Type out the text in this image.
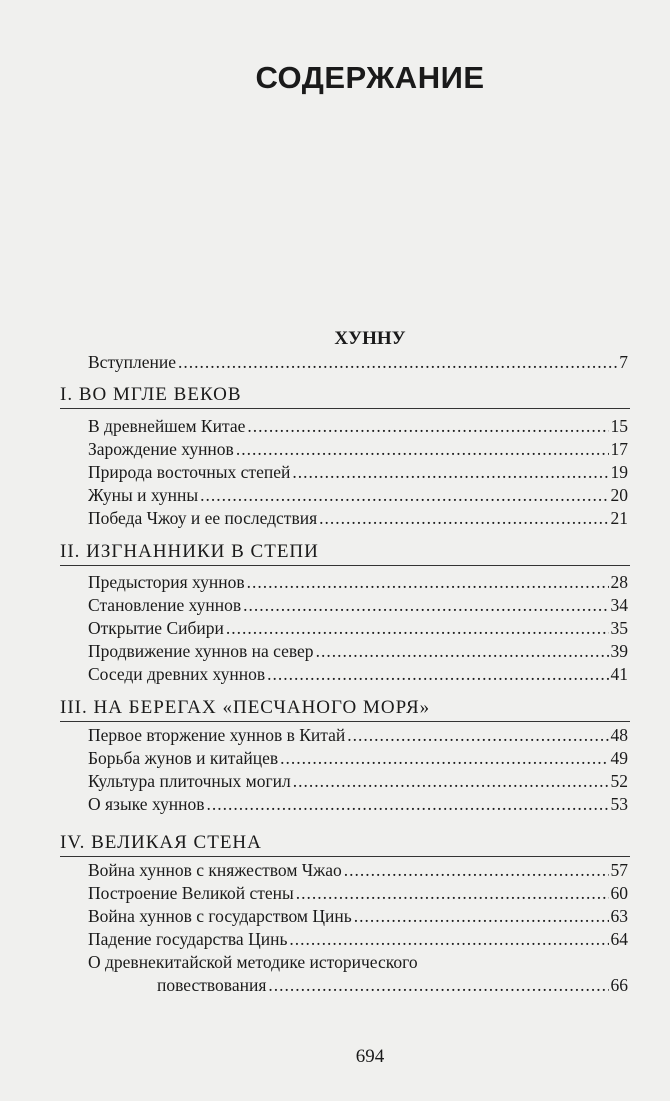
СОДЕРЖАНИЕ
ХУННУ
Вступление .....	7
I. ВО МГЛЕ ВЕКОВ
В древнейшем Китае .....	15
Зарождение хуннов .....	17
Природа восточных степей .....	19
Жуны и хунны .....	20
Победа Чжоу и ее последствия .....	21
II. ИЗГНАННИКИ В СТЕПИ
Предыстория хуннов .....	28
Становление хуннов .....	34
Открытие Сибири .....	35
Продвижение хуннов на север .....	39
Соседи древних хуннов .....	41
III. НА БЕРЕГАХ «ПЕСЧАНОГО МОРЯ»
Первое вторжение хуннов в Китай .....	48
Борьба жунов и китайцев .....	49
Культура плиточных могил .....	52
О языке хуннов .....	53
IV. ВЕЛИКАЯ СТЕНА
Война хуннов с княжеством Чжао .....	57
Построение Великой стены .....	60
Война хуннов с государством Цинь .....	63
Падение государства Цинь .....	64
О древнекитайской методике исторического
повествования .....	66
694
